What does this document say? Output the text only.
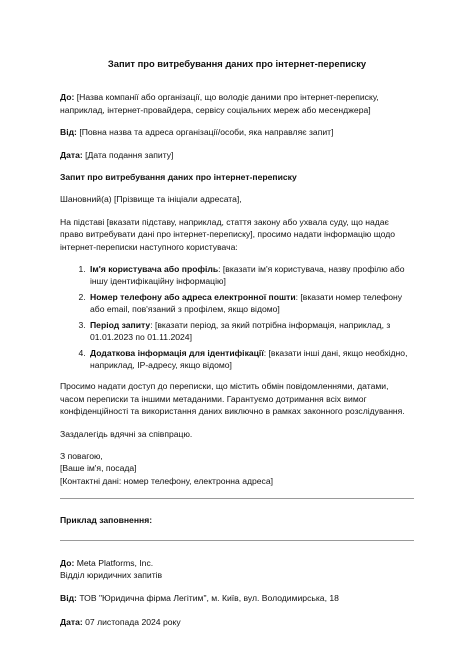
Запит про витребування даних про інтернет-переписку

До: [Назва компанії або організації, що володіє даними про інтернет-переписку, наприклад, інтернет-провайдера, сервісу соціальних мереж або месенджера]

Від: [Повна назва та адреса організації/особи, яка направляє запит]

Дата: [Дата подання запиту]

Запит про витребування даних про інтернет-переписку

Шановний(а) [Прізвище та ініціали адресата],

На підставі [вказати підставу, наприклад, стаття закону або ухвала суду, що надає право витребувати дані про інтернет-переписку], просимо надати інформацію щодо інтернет-переписки наступного користувача:

1. Ім'я користувача або профіль: [вказати ім'я користувача, назву профілю або іншу ідентифікаційну інформацію]
2. Номер телефону або адреса електронної пошти: [вказати номер телефону або email, пов'язаний з профілем, якщо відомо]
3. Період запиту: [вказати період, за який потрібна інформація, наприклад, з 01.01.2023 по 01.11.2024]
4. Додаткова інформація для ідентифікації: [вказати інші дані, якщо необхідно, наприклад, IP-адресу, якщо відомо]

Просимо надати доступ до переписки, що містить обмін повідомленнями, датами, часом переписки та іншими метаданими. Гарантуємо дотримання всіх вимог конфіденційності та використання даних виключно в рамках законного розслідування.

Заздалегідь вдячні за співпрацю.

З повагою,

[Ваше ім'я, посада]

[Контактні дані: номер телефону, електронна адреса]

Приклад заповнення:

До: Meta Platforms, Inc.

Відділ юридичних запитів

Від: ТОВ "Юридична фірма Легітим", м. Київ, вул. Володимирська, 18

Дата: 07 листопада 2024 року
